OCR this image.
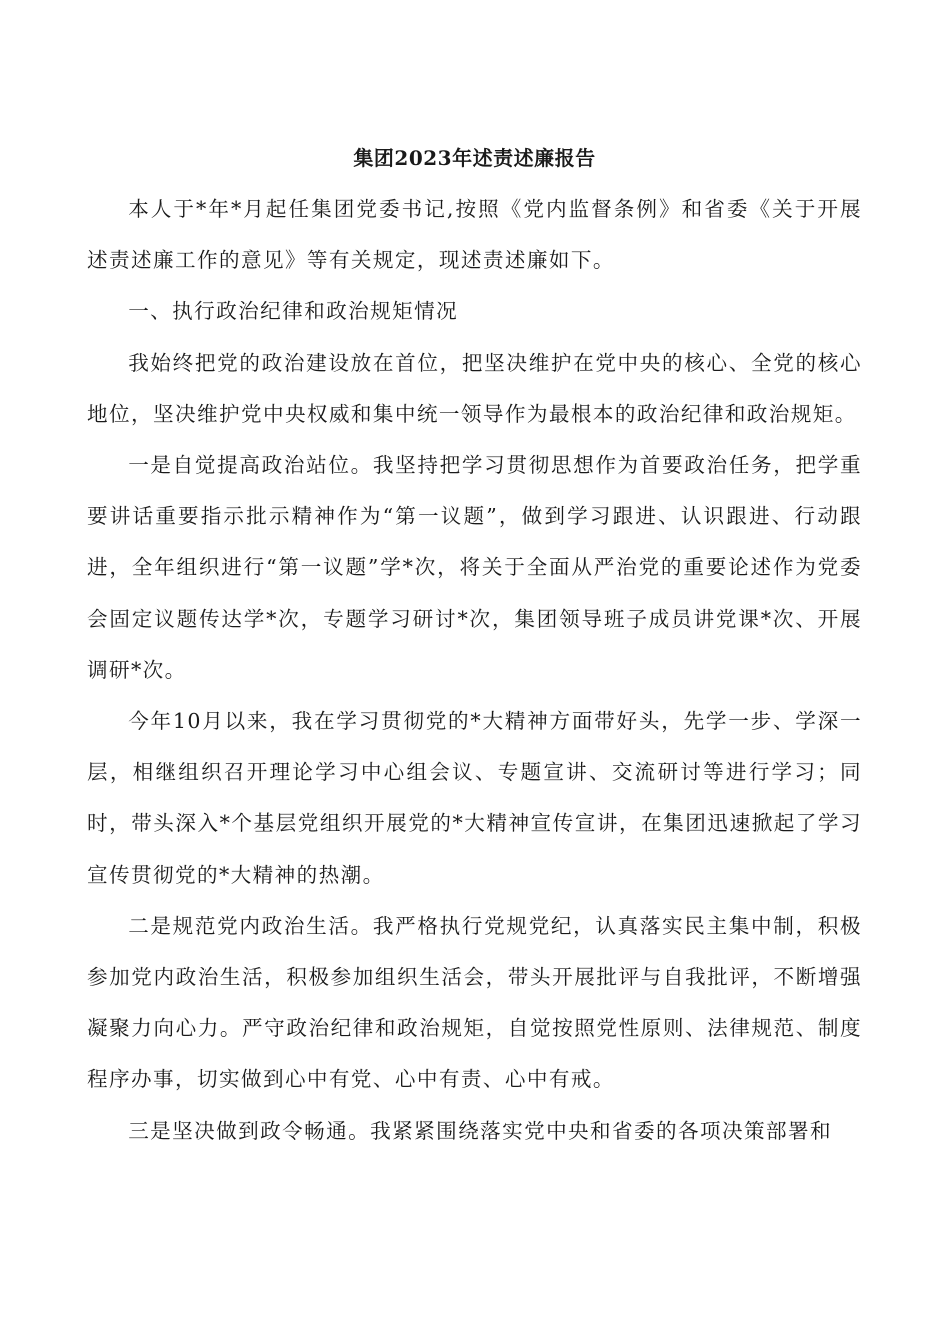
集团2023年述责述廉报告

本人于*年*月起任集团党委书记,按照《党内监督条例》和省委《关于开展述责述廉工作的意见》等有关规定，现述责述廉如下。

一、执行政治纪律和政治规矩情况

我始终把党的政治建设放在首位，把坚决维护在党中央的核心、全党的核心地位，坚决维护党中央权威和集中统一领导作为最根本的政治纪律和政治规矩。

一是自觉提高政治站位。我坚持把学习贯彻思想作为首要政治任务，把学重要讲话重要指示批示精神作为“第一议题”，做到学习跟进、认识跟进、行动跟进，全年组织进行“第一议题”学*次，将关于全面从严治党的重要论述作为党委会固定议题传达学*次，专题学习研讨*次，集团领导班子成员讲党课*次、开展调研*次。

今年10月以来，我在学习贯彻党的*大精神方面带好头，先学一步、学深一层，相继组织召开理论学习中心组会议、专题宣讲、交流研讨等进行学习；同时，带头深入*个基层党组织开展党的*大精神宣传宣讲，在集团迅速掀起了学习宣传贯彻党的*大精神的热潮。

二是规范党内政治生活。我严格执行党规党纪，认真落实民主集中制，积极参加党内政治生活，积极参加组织生活会，带头开展批评与自我批评，不断增强凝聚力向心力。严守政治纪律和政治规矩，自觉按照党性原则、法律规范、制度程序办事，切实做到心中有党、心中有责、心中有戒。

三是坚决做到政令畅通。我紧紧围绕落实党中央和省委的各项决策部署和
